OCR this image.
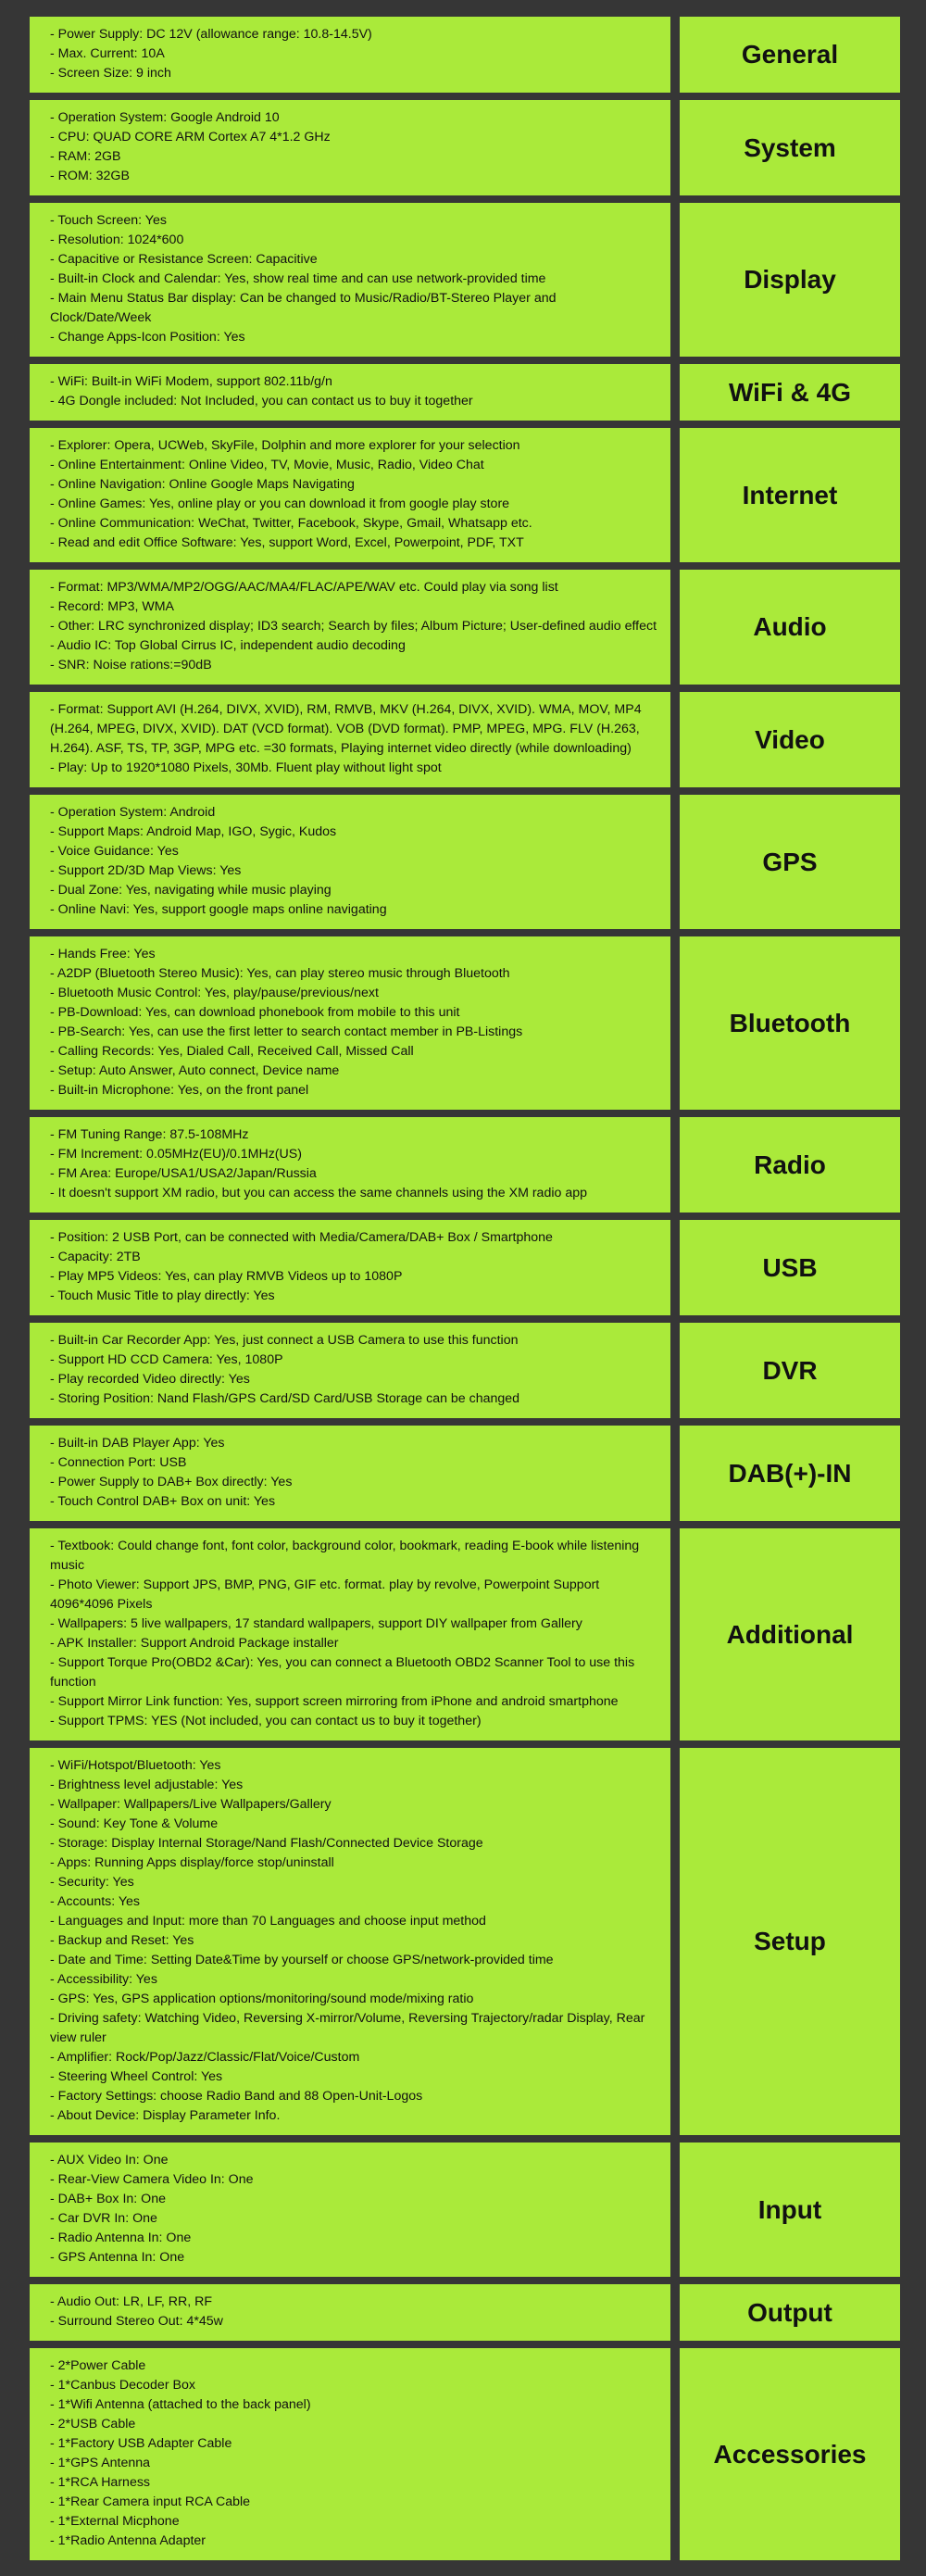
- Power Supply: DC 12V (allowance range: 10.8-14.5V)

- Max. Current: 10A

- Screen Size: 9 inch

General

- Operation System: Google Android 10

- CPU: QUAD CORE ARM Cortex A7 4*1.2 GHz

- RAM: 2GB

- ROM: 32GB

System

- Touch Screen: Yes

- Resolution: 1024*600

- Capacitive or Resistance Screen: Capacitive

- Built-in Clock and Calendar: Yes, show real time and can use network-provided time

- Main Menu Status Bar display: Can be changed to Music/Radio/BT-Stereo Player and Clock/Date/Week

- Change Apps-Icon Position: Yes

Display

- WiFi: Built-in WiFi Modem, support 802.11b/g/n

- 4G Dongle included: Not Included, you can contact us to buy it together	WiFi & 4G

- Explorer: Opera, UCWeb, SkyFile, Dolphin and more explorer for your selection

- Online Entertainment: Online Video, TV, Movie, Music, Radio, Video Chat

- Online Navigation: Online Google Maps Navigating

- Online Games: Yes, online play or you can download it from google play store

- Online Communication: WeChat, Twitter, Facebook, Skype, Gmail, Whatsapp etc.

- Read and edit Office Software: Yes, support Word, Excel, Powerpoint, PDF, TXT

Internet

- Format: MP3/WMA/MP2/OGG/AAC/MA4/FLAC/APE/WAV etc. Could play via song list

- Record: MP3, WMA

- Other: LRC synchronized display; ID3 search; Search by files; Album Picture; User-defined audio effect

- Audio IC: Top Global Cirrus IC, independent audio decoding

- SNR: Noise rations:=90dB

Audio

- Format: Support AVI (H.264, DIVX, XVID), RM, RMVB, MKV (H.264, DIVX, XVID). WMA, MOV, MP4 (H.264, MPEG, DIVX, XVID). DAT (VCD format). VOB (DVD format). PMP, MPEG, MPG. FLV (H.263, H.264). ASF, TS, TP, 3GP, MPG etc. =30 formats, Playing internet video directly (while downloading)

- Play: Up to 1920*1080 Pixels, 30Mb. Fluent play without light spot

Video

- Operation System: Android

- Support Maps: Android Map, IGO, Sygic, Kudos

- Voice Guidance: Yes

- Support 2D/3D Map Views: Yes

- Dual Zone: Yes, navigating while music playing

- Online Navi: Yes, support google maps online navigating

GPS

- Hands Free: Yes

- A2DP (Bluetooth Stereo Music): Yes, can play stereo music through Bluetooth

- Bluetooth Music Control: Yes, play/pause/previous/next

- PB-Download: Yes, can download phonebook from mobile to this unit

- PB-Search: Yes, can use the first letter to search contact member in PB-Listings

- Calling Records: Yes, Dialed Call, Received Call, Missed Call

- Setup: Auto Answer, Auto connect, Device name

- Built-in Microphone: Yes, on the front panel

Bluetooth

- FM Tuning Range: 87.5-108MHz

- FM Increment: 0.05MHz(EU)/0.1MHz(US)

- FM Area: Europe/USA1/USA2/Japan/Russia

- It doesn't support XM radio, but you can access the same channels using the XM radio app

Radio

- Position: 2 USB Port, can be connected with Media/Camera/DAB+ Box / Smartphone

- Capacity: 2TB

- Play MP5 Videos: Yes, can play RMVB Videos up to 1080P

- Touch Music Title to play directly: Yes

USB

- Built-in Car Recorder App: Yes, just connect a USB Camera to use this function

- Support HD CCD Camera: Yes, 1080P

- Play recorded Video directly: Yes

- Storing Position: Nand Flash/GPS Card/SD Card/USB Storage can be changed

DVR

- Built-in DAB Player App: Yes

- Connection Port: USB

- Power Supply to DAB+ Box directly: Yes

- Touch Control DAB+ Box on unit: Yes

DAB(+)-IN

- Textbook: Could change font, font color, background color, bookmark, reading E-book while listening music

- Photo Viewer: Support JPS, BMP, PNG, GIF etc. format. play by revolve, Powerpoint Support 4096*4096 Pixels

- Wallpapers: 5 live wallpapers, 17 standard wallpapers, support DIY wallpaper from Gallery

- APK Installer: Support Android Package installer

- Support Torque Pro(OBD2 &Car): Yes, you can connect a Bluetooth OBD2 Scanner Tool to use this function

- Support Mirror Link function: Yes, support screen mirroring from iPhone and android smartphone

- Support TPMS: YES (Not included, you can contact us to buy it together)

Additional

- WiFi/Hotspot/Bluetooth: Yes

- Brightness level adjustable: Yes

- Wallpaper: Wallpapers/Live Wallpapers/Gallery

- Sound: Key Tone & Volume

- Storage: Display Internal Storage/Nand Flash/Connected Device Storage

- Apps: Running Apps display/force stop/uninstall

- Security: Yes

- Accounts: Yes

- Languages and Input: more than 70 Languages and choose input method

- Backup and Reset: Yes

- Date and Time: Setting Date&Time by yourself or choose GPS/network-provided time

- Accessibility: Yes

- GPS: Yes, GPS application options/monitoring/sound mode/mixing ratio

- Driving safety: Watching Video, Reversing X-mirror/Volume, Reversing Trajectory/radar Display, Rear view ruler

- Amplifier: Rock/Pop/Jazz/Classic/Flat/Voice/Custom

- Steering Wheel Control: Yes

- Factory Settings: choose Radio Band and 88 Open-Unit-Logos

- About Device: Display Parameter Info.

Setup

- AUX Video In: One

- Rear-View Camera Video In: One

- DAB+ Box In: One

- Car DVR In: One

- Radio Antenna In: One

- GPS Antenna In: One

Input

- Audio Out: LR, LF, RR, RF

- Surround Stereo Out: 4*45w	Output

- 2*Power Cable

- 1*Canbus Decoder Box

- 1*Wifi Antenna (attached to the back panel)

- 2*USB Cable

- 1*Factory USB Adapter Cable

- 1*GPS Antenna

- 1*RCA Harness

- 1*Rear Camera input RCA Cable

- 1*External Micphone

- 1*Radio Antenna Adapter

Accessories
